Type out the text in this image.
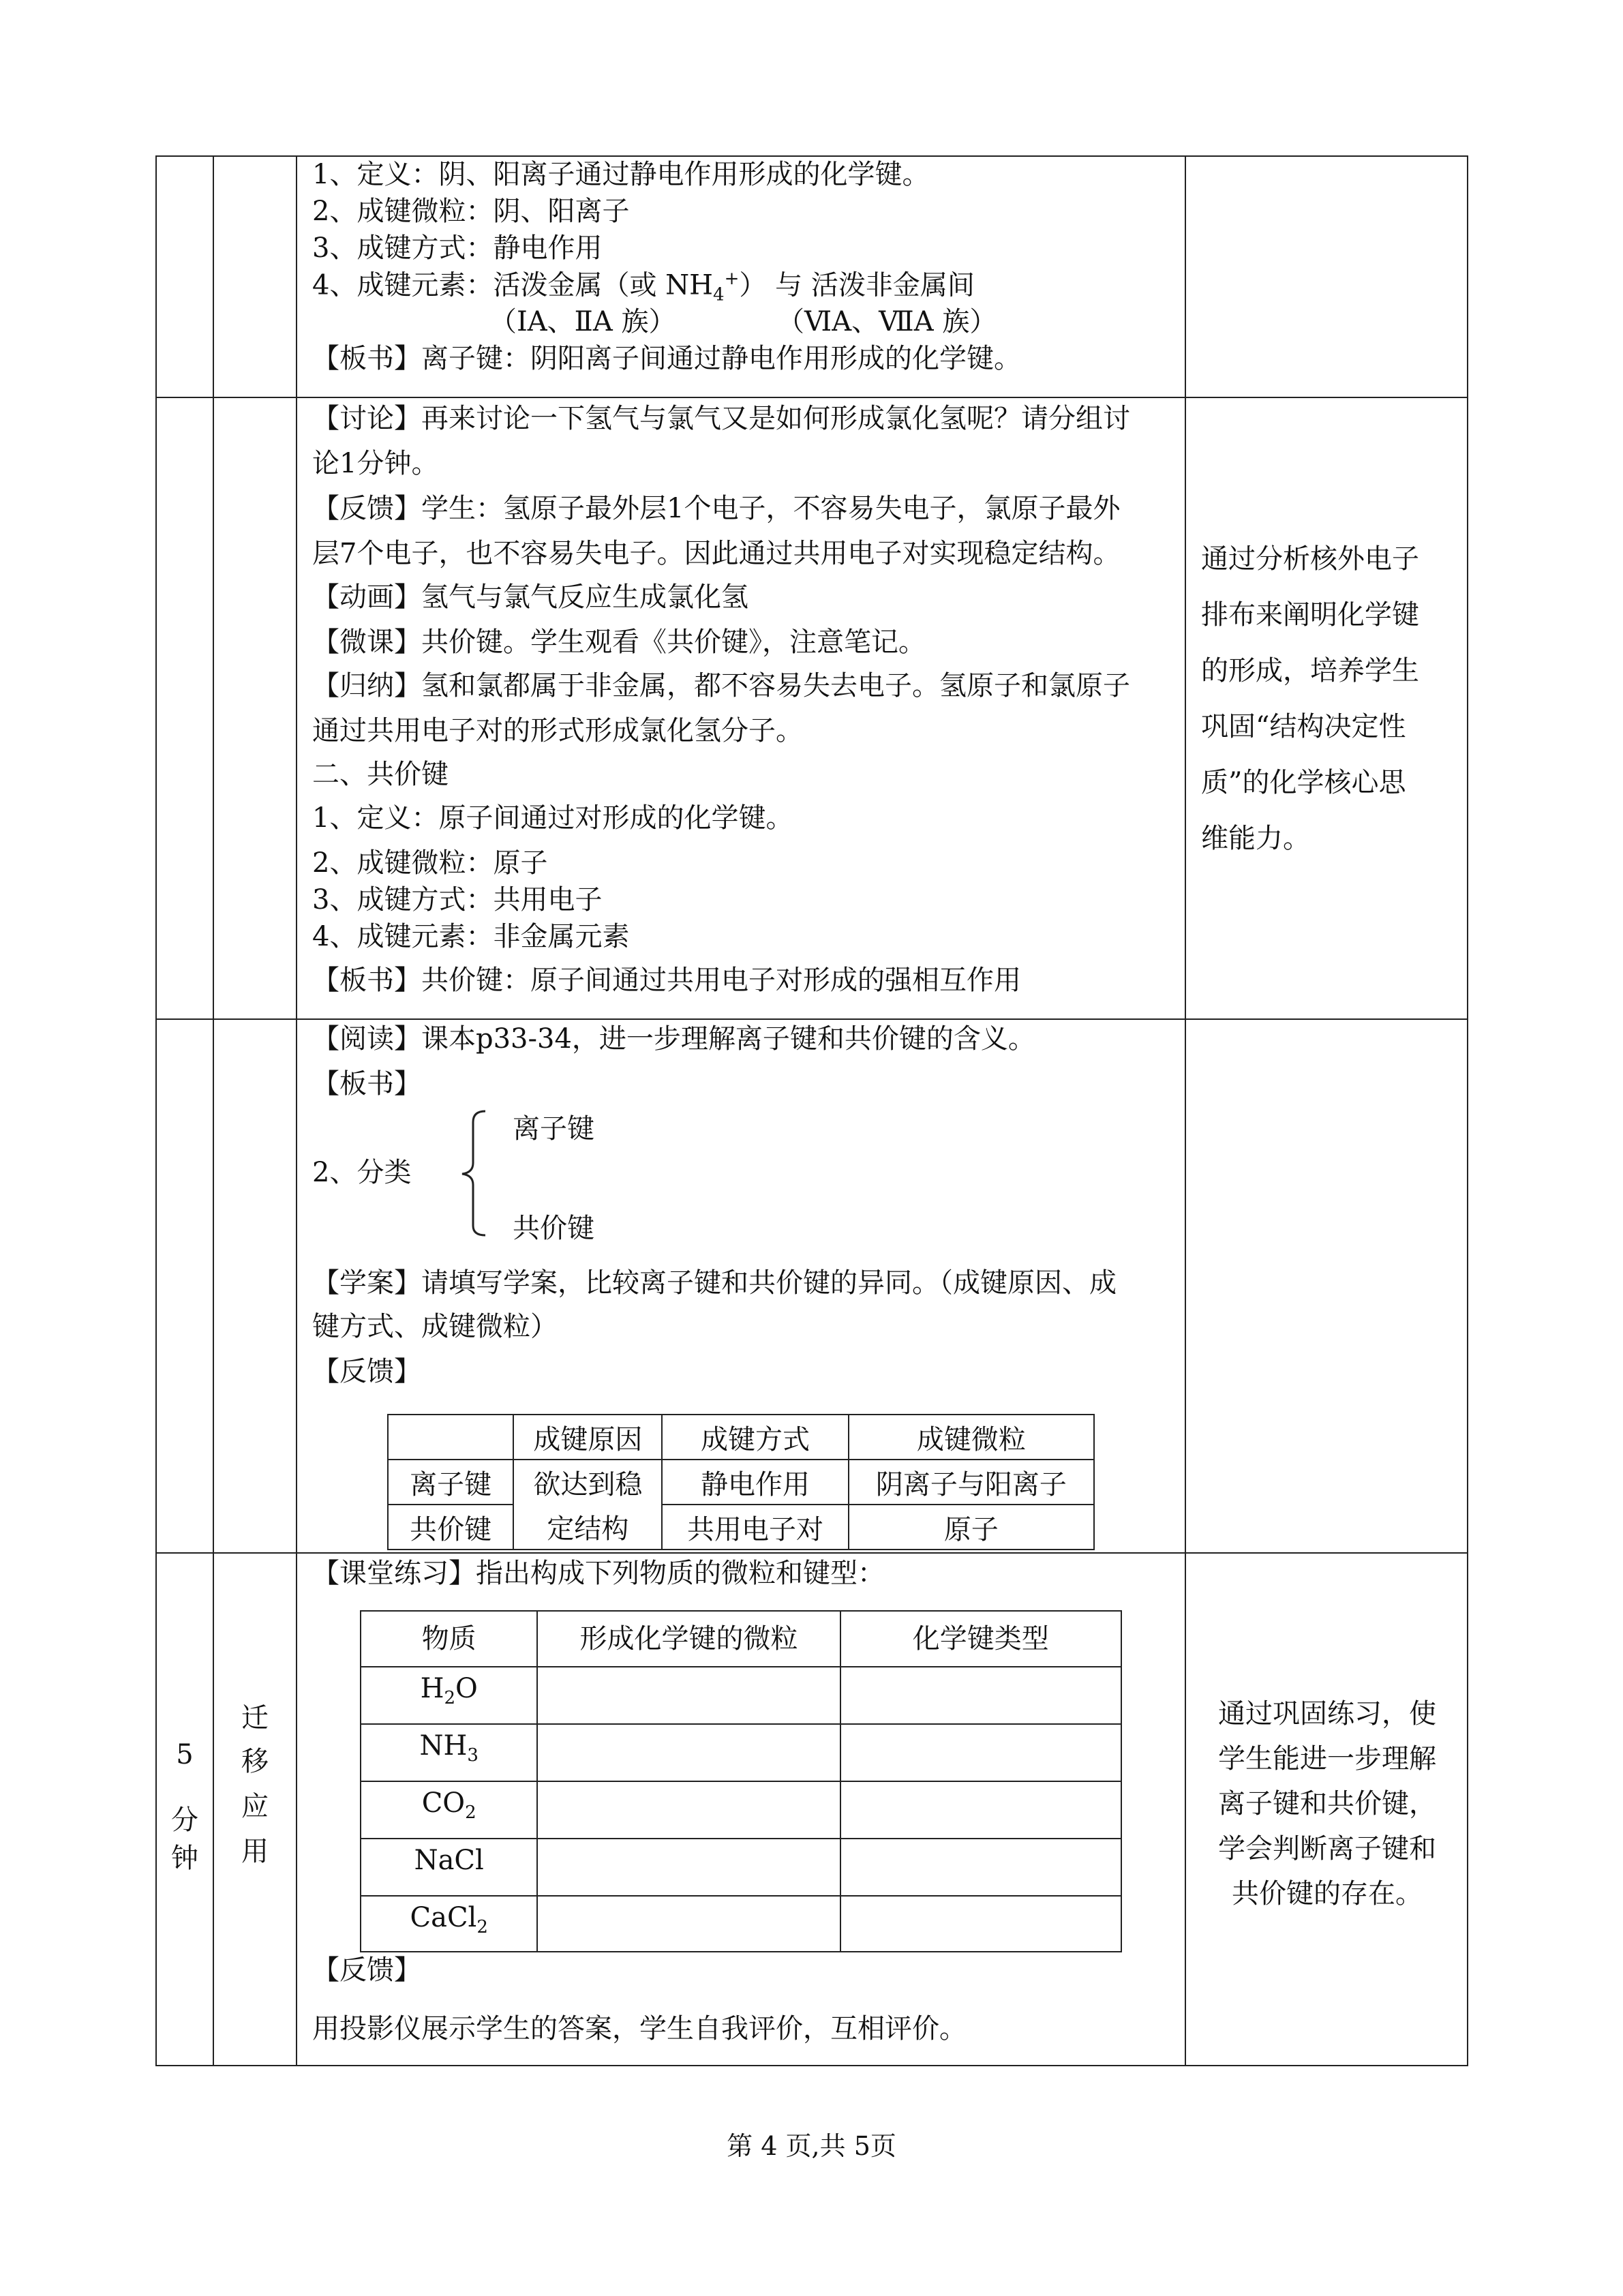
1、定义：阴、阳离子通过静电作用形成的化学键。
2、成键微粒：阴、阳离子
3、成键方式：静电作用
4、成键元素：活泼金属（或 $NH_4^+$） 与 活泼非金属间
（ⅠA、ⅡA 族）	（ⅥA、ⅦA 族）
【板书】离子键：阴阳离子间通过静电作用形成的化学键。
【讨论】再来讨论一下氢气与氯气又是如何形成氯化氢呢？请分组讨
论1分钟。
【反馈】学生：氢原子最外层1个电子，不容易失电子，氯原子最外
层7个电子，也不容易失电子。因此通过共用电子对实现稳定结构。
【动画】氢气与氯气反应生成氯化氢
【微课】共价键。学生观看《共价键》，注意笔记。
【归纳】氢和氯都属于非金属，都不容易失去电子。氢原子和氯原子
通过共用电子对的形式形成氯化氢分子。
二、共价键
1、定义：原子间通过对形成的化学键。
2、成键微粒：原子
3、成键方式：共用电子
4、成键元素：非金属元素
【板书】共价键：原子间通过共用电子对形成的强相互作用
通过分析核外电子
排布来阐明化学键
的形成，培养学生
巩固“结构决定性
质”的化学核心思
维能力。
【阅读】课本p33-34，进一步理解离子键和共价键的含义。
【板书】
2、分类
离子键
共价键
【学案】请填写学案，比较离子键和共价键的异同。（成键原因、成
键方式、成键微粒）
【反馈】
	成键原因	成键方式	成键微粒
离子键	欲达到稳	静电作用	阴离子与阳离子
共价键	定结构	共用电子对	原子
5
分
钟
迁
移
应
用
【课堂练习】指出构成下列物质的微粒和键型：
物质	形成化学键的微粒	化学键类型
$H_2O$		
$NH_3$		
$CO_2$		
NaCl		
CaCl$_2$		
【反馈】
用投影仪展示学生的答案，学生自我评价，互相评价。
通过巩固练习，使
学生能进一步理解
离子键和共价键，
学会判断离子键和
共价键的存在。
第 4 页,共 5页
